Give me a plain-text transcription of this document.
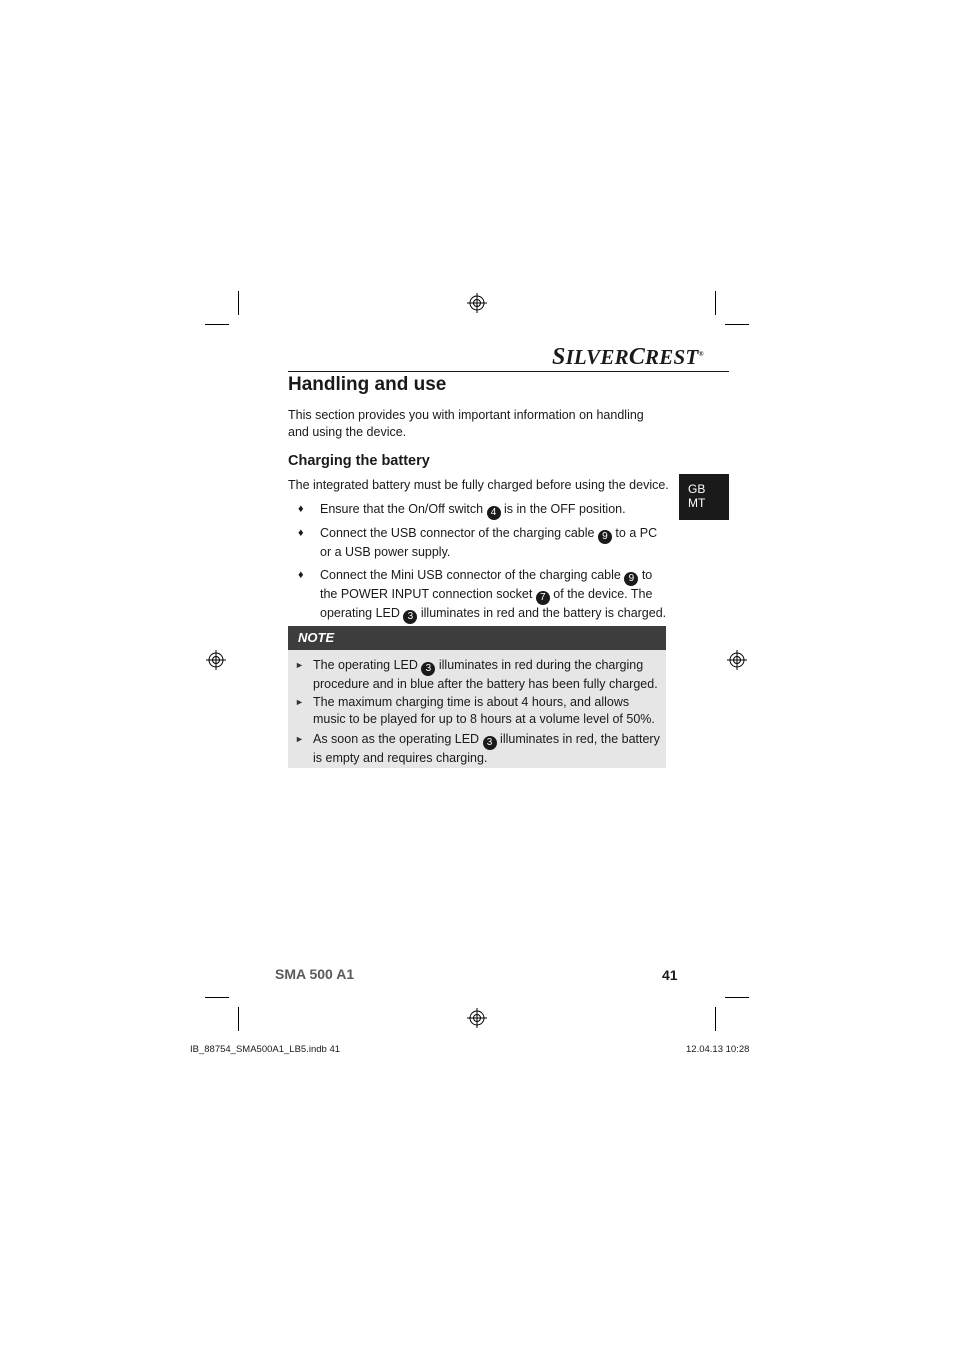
SILVERCREST®
Handling and use

This section provides you with important information on handling and using the device.

Charging the battery

The integrated battery must be fully charged before using the device.

♦ Ensure that the On/Off switch 4 is in the OFF position.
♦ Connect the USB connector of the charging cable 9 to a PC or a USB power supply.
♦ Connect the Mini USB connector of the charging cable 9 to the POWER INPUT connection socket 7 of the device. The operating LED 3 illuminates in red and the battery is charged.
GB
MT
NOTE
► The operating LED 3 illuminates in red during the charging procedure and in blue after the battery has been fully charged.
► The maximum charging time is about 4 hours, and allows music to be played for up to 8 hours at a volume level of 50%.
► As soon as the operating LED 3 illuminates in red, the battery is empty and requires charging.
SMA 500 A1	41
IB_88754_SMA500A1_LB5.indb 41	12.04.13 10:28
